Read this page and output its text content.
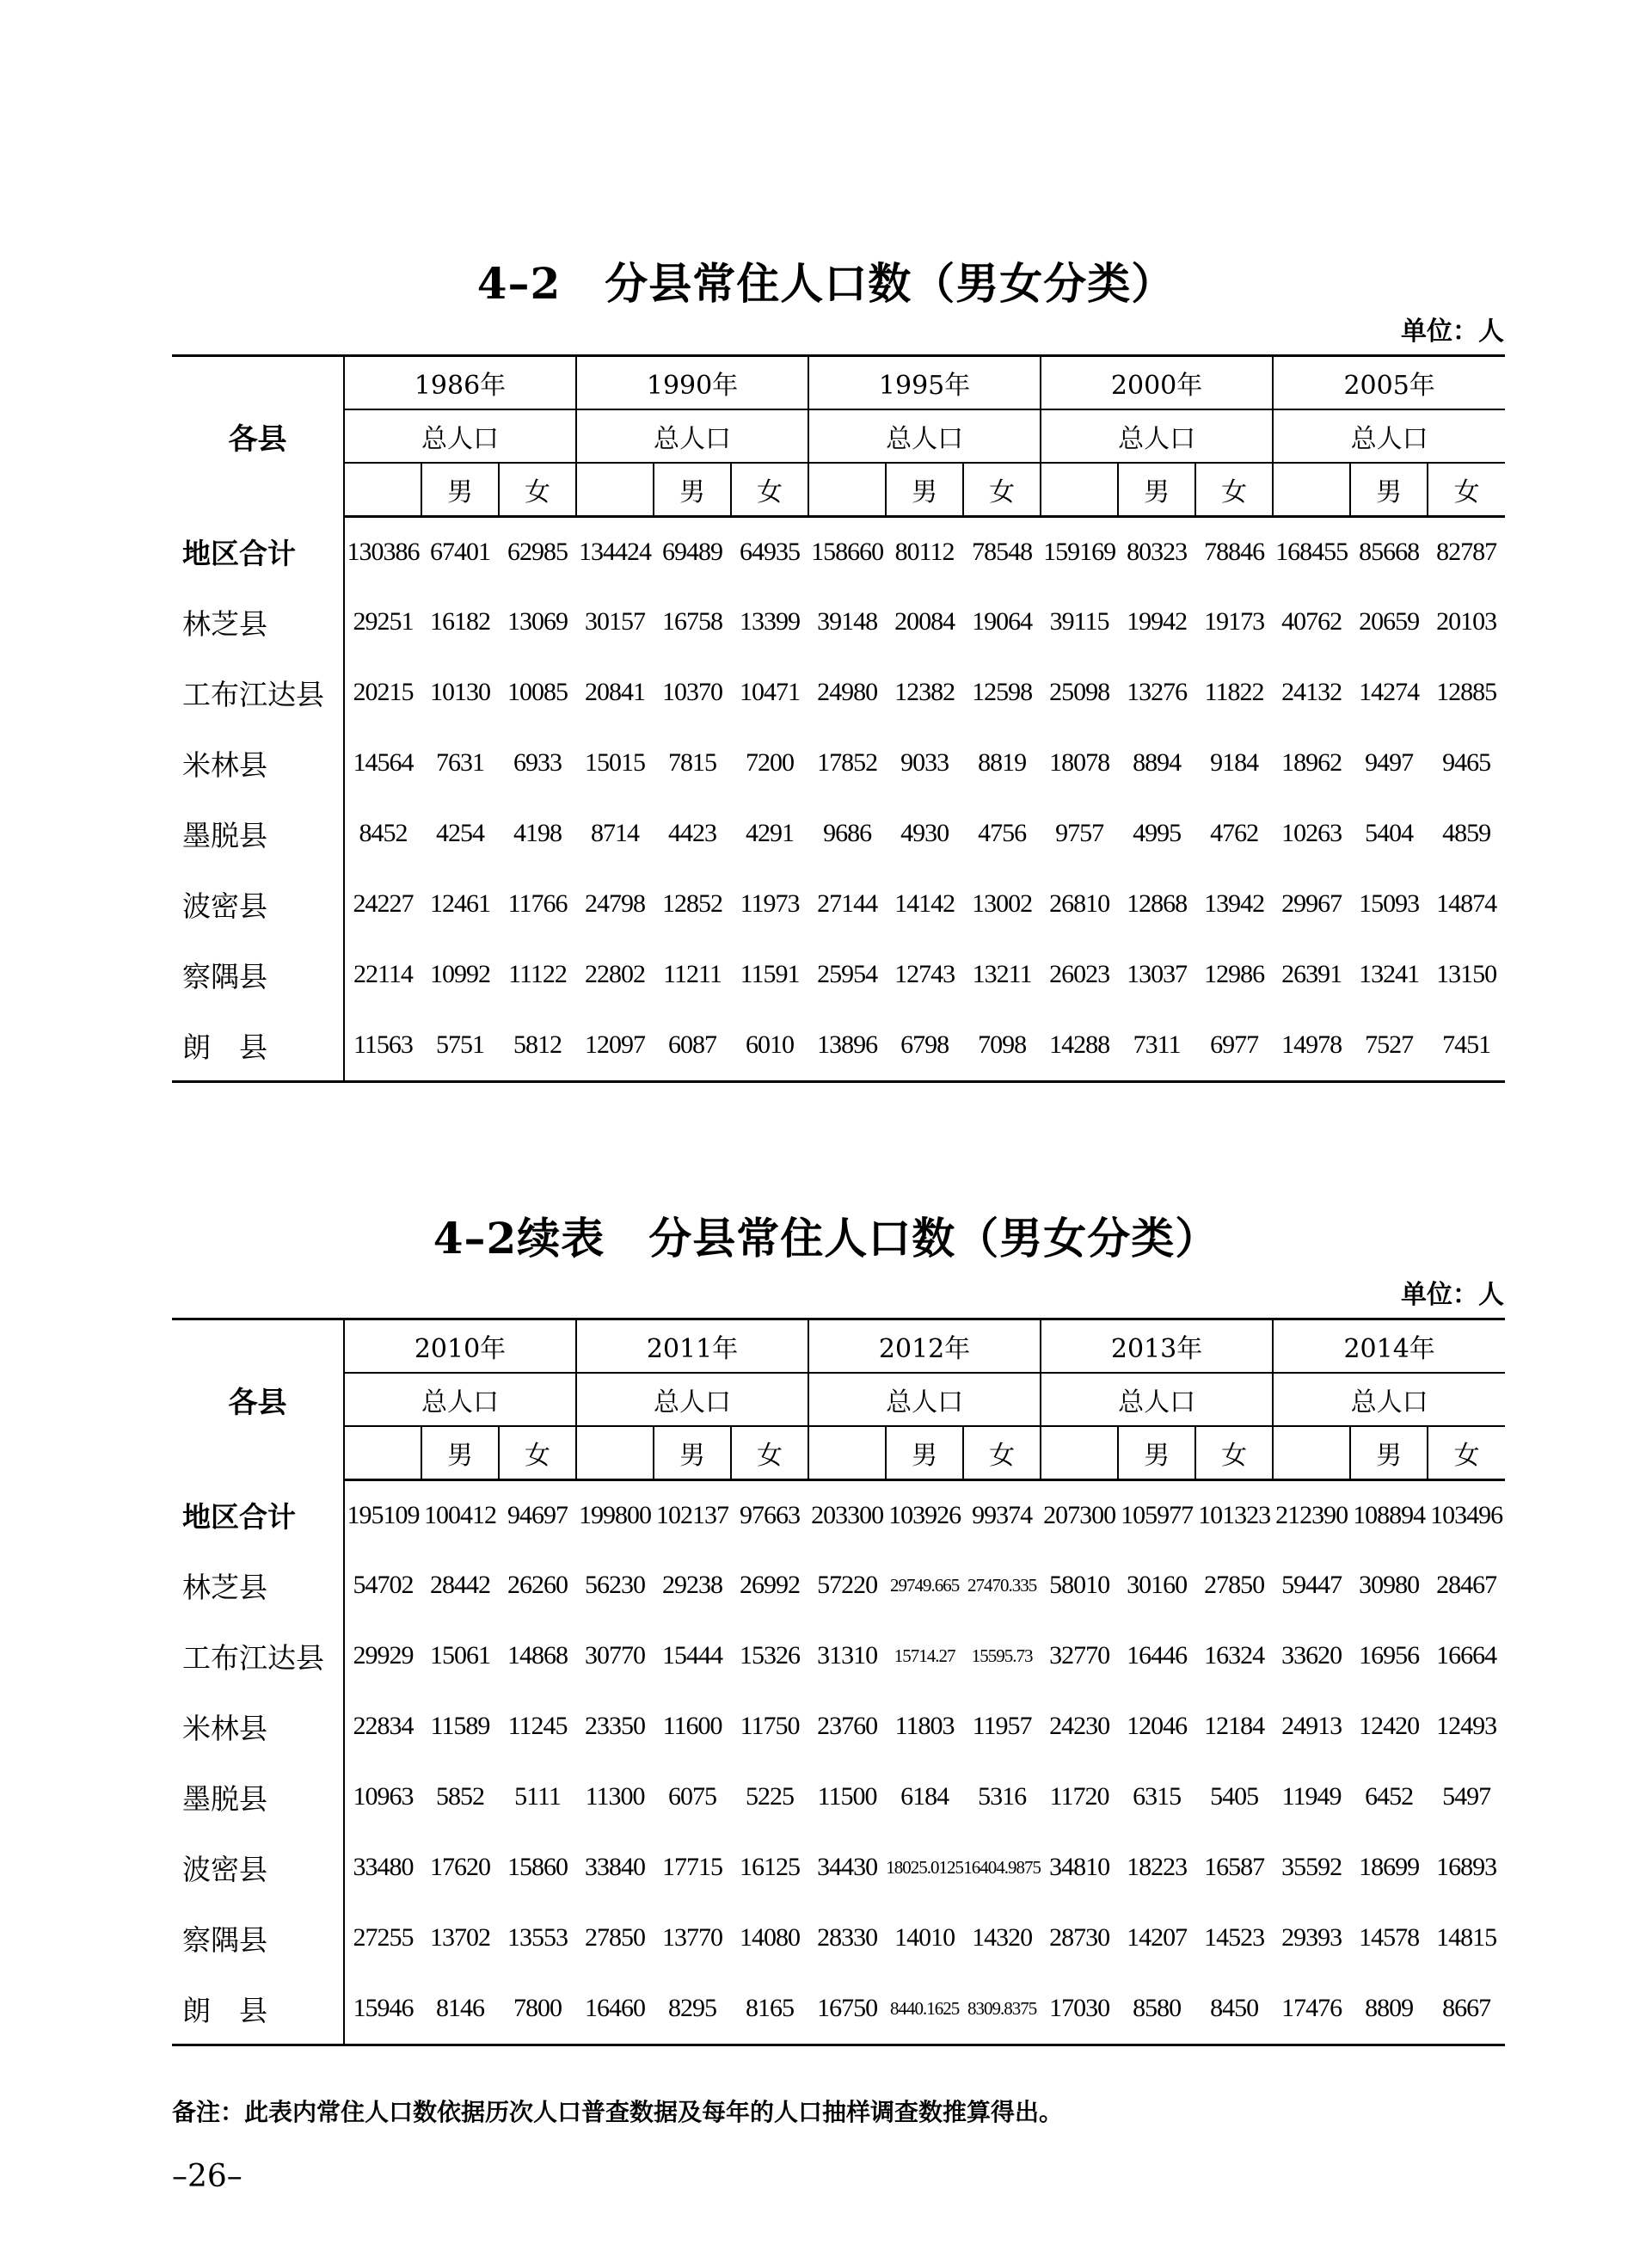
4–2　分县常住人口数（男女分类）
单位：人
各县	1986年			1990年			1995年			2000年			2005年		
	总人口			总人口			总人口			总人口			总人口		
		男	女		男	女		男	女		男	女		男	女
地区合计	130386	67401	62985	134424	69489	64935	158660	80112	78548	159169	80323	78846	168455	85668	82787
林芝县	29251	16182	13069	30157	16758	13399	39148	20084	19064	39115	19942	19173	40762	20659	20103
工布江达县	20215	10130	10085	20841	10370	10471	24980	12382	12598	25098	13276	11822	24132	14274	12885
米林县	14564	7631	6933	15015	7815	7200	17852	9033	8819	18078	8894	9184	18962	9497	9465
墨脱县	8452	4254	4198	8714	4423	4291	9686	4930	4756	9757	4995	4762	10263	5404	4859
波密县	24227	12461	11766	24798	12852	11973	27144	14142	13002	26810	12868	13942	29967	15093	14874
察隅县	22114	10992	11122	22802	11211	11591	25954	12743	13211	26023	13037	12986	26391	13241	13150
朗　县	11563	5751	5812	12097	6087	6010	13896	6798	7098	14288	7311	6977	14978	7527	7451
4–2续表　分县常住人口数（男女分类）
单位：人
各县	2010年			2011年			2012年			2013年			2014年		
	总人口			总人口			总人口			总人口			总人口		
		男	女		男	女		男	女		男	女		男	女
地区合计	195109	100412	94697	199800	102137	97663	203300	103926	99374	207300	105977	101323	212390	108894	103496
林芝县	54702	28442	26260	56230	29238	26992	57220	29749.665	27470.335	58010	30160	27850	59447	30980	28467
工布江达县	29929	15061	14868	30770	15444	15326	31310	15714.27	15595.73	32770	16446	16324	33620	16956	16664
米林县	22834	11589	11245	23350	11600	11750	23760	11803	11957	24230	12046	12184	24913	12420	12493
墨脱县	10963	5852	5111	11300	6075	5225	11500	6184	5316	11720	6315	5405	11949	6452	5497
波密县	33480	17620	15860	33840	17715	16125	34430	18025.0125	16404.9875	34810	18223	16587	35592	18699	16893
察隅县	27255	13702	13553	27850	13770	14080	28330	14010	14320	28730	14207	14523	29393	14578	14815
朗　县	15946	8146	7800	16460	8295	8165	16750	8440.1625	8309.8375	17030	8580	8450	17476	8809	8667
备注：此表内常住人口数依据历次人口普查数据及每年的人口抽样调查数推算得出。
–26–
